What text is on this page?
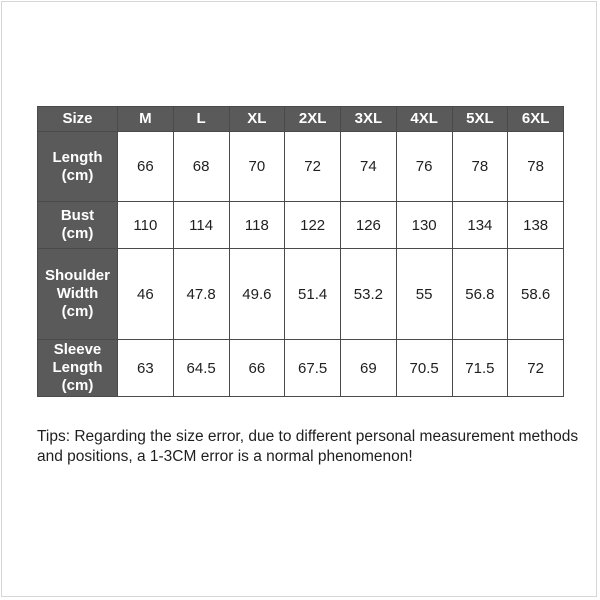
Size	M	L	XL	2XL	3XL	4XL	5XL	6XL
Length
(cm)	66	68	70	72	74	76	78	78
Bust
(cm)	110	114	118	122	126	130	134	138
Shoulder
Width
(cm)	46	47.8	49.6	51.4	53.2	55	56.8	58.6
Sleeve
Length
(cm)	63	64.5	66	67.5	69	70.5	71.5	72

Tips: Regarding the size error, due to different personal measurement methods and positions, a 1-3CM error is a normal phenomenon!
